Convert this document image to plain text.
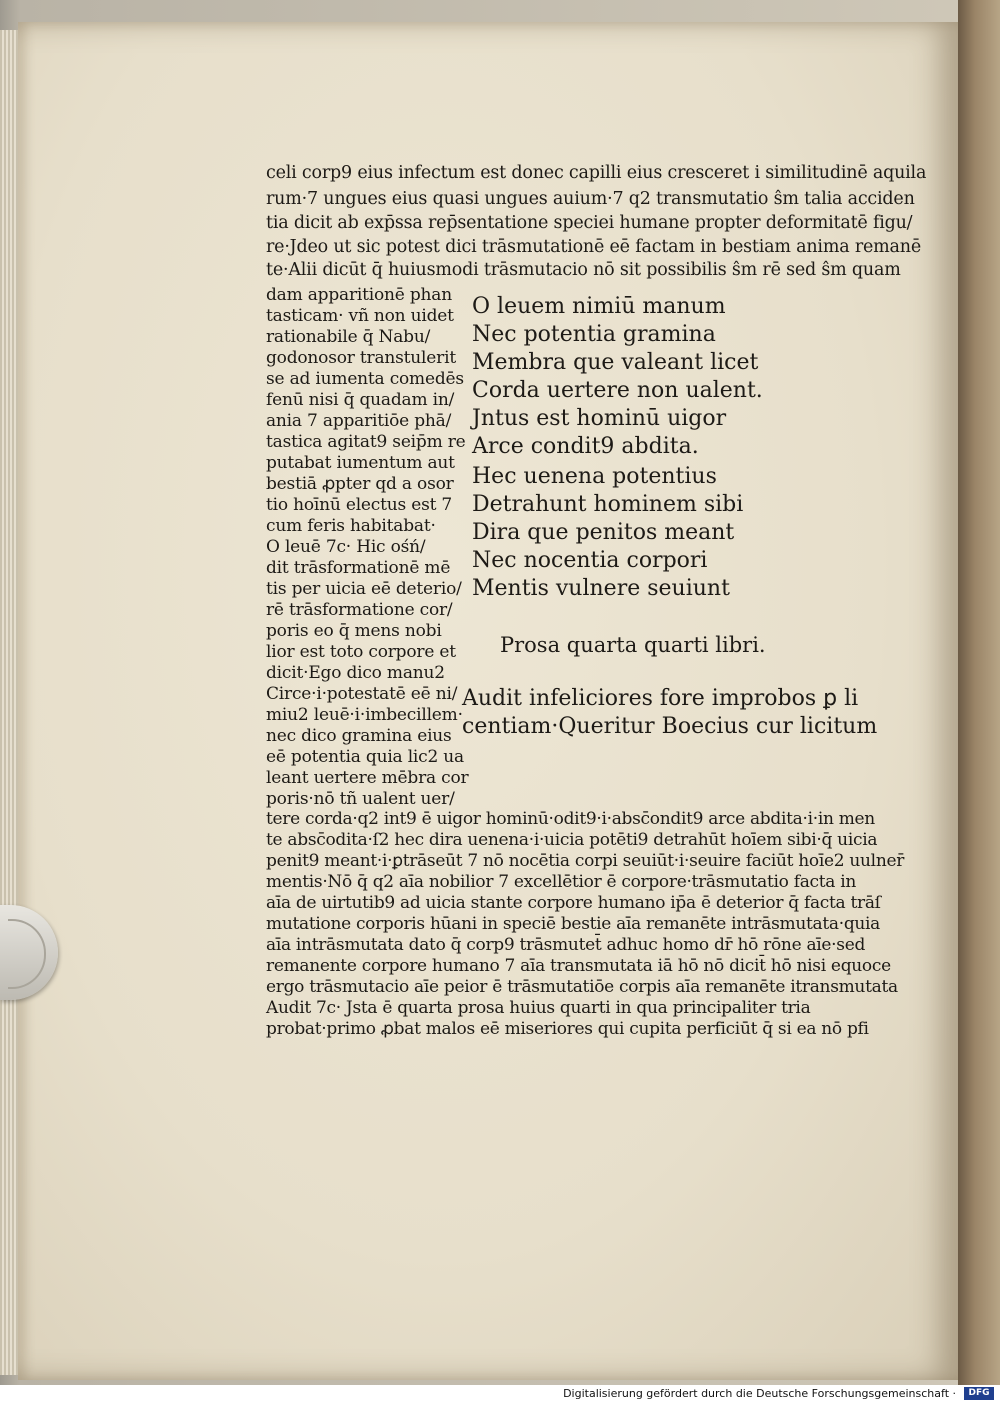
celi corp9 eius infectum est donec capilli eius cresceret i similitudinē aquila
rum·7 ungues eius quasi ungues auium·7 q2 transmutatio ŝm talia acciden
tia dicit ab exp̄ssa rep̄sentatione speciei humane propter deformitatē figu/
re·Jdeo ut sic potest dici trāsmutationē eē factam in bestiam anima remanē
te·Alii dicūt q̄ huiusmodi trāsmutacio nō sit possibilis ŝm rē sed ŝm quam
dam apparitionē phan
tasticam· vñ non uidet
rationabile q̄ Nabu/
godonosor transtulerit
se ad iumenta comedēs
fenū nisi q̄ quadam in/
ania 7 apparitiōe phā/
tastica agitat9 seip̄m re
putabat iumentum aut
bestiā ꝓpter qd a osor
tio hoīnū electus est 7
cum feris habitabat·
O leuē 7c· Hic ośń/
dit trāsformationē mē
tis per uicia eē deterio/
rē trāsformatione cor/
poris eo q̄ mens nobi
lior est toto corpore et
dicit·Ego dico manu2
Circe·i·potestatē eē ni/
miu2 leuē·i·imbecillem·
nec dico gramina eius
eē potentia quia lic2 ua
leant uertere mēbra cor
poris·nō tñ ualent uer/
O leuem nimiū manum
Nec potentia gramina
Membra que valeant licet
Corda uertere non ualent.
Jntus est hominū uigor
Arce condit9 abdita.
Hec uenena potentius
Detrahunt hominem sibi
Dira que penitos meant
Nec nocentia corpori
Mentis vulnere seuiunt
Prosa quarta quarti libri.
Audit infeliciores fore improbos ꝑ li
centiam·Queritur Boecius cur licitum
tere corda·q2 int9 ē uigor hominū·odit9·i·absc̄ondit9 arce abdita·i·in men
te absc̄odita·ſ2 hec dira uenena·i·uicia potēti9 detrahūt hoīem sibi·q̄ uicia
penit9 meant·i·ꝑtrāseūt 7 nō nocētia corpi seuiūt·i·seuire faciūt hoīe2 uulner̄
mentis·Nō q̄ q2 aīa nobilior 7 excellētior ē corpore·trāsmutatio facta in
aīa de uirtutib9 ad uicia stante corpore humano ip̄a ē deterior q̄ facta trāſ
mutatione corporis hūani in speciē bestie aīa remanēte intrāsmutata·quia
aīa intrāsmutata dato q̄ corp9 trāsmutet̄ adhuc homo dr̄ hō rōne aīe·sed
remanente corpore humano 7 aīa transmutata iā hō nō dicit̄ hō nisi equoce
ergo trāsmutacio aīe peior ē trāsmutatiōe corpis aīa remanēte itransmutata
Audit 7c· Jsta ē quarta prosa huius quarti in qua principaliter tria
probat·primo ꝓbat malos eē miseriores qui cupita perficiūt q̄ si ea nō pfi
Digitalisierung gefördert durch die Deutsche Forschungsgemeinschaft ·	DFG
